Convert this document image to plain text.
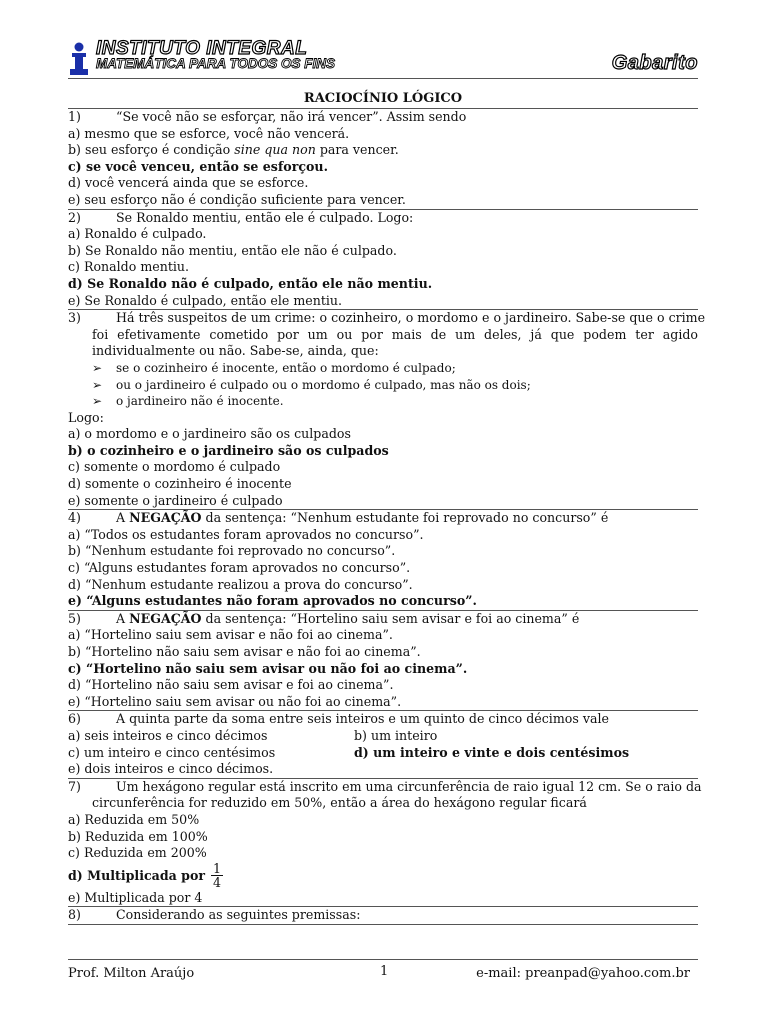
INSTITUTO INTEGRAL
MATEMÁTICA PARA TODOS OS FINS	Gabarito
RACIOCÍNIO LÓGICO
1)	“Se você não se esforçar, não irá vencer”. Assim sendo
a) mesmo que se esforce, você não vencerá.
b) seu esforço é condição sine qua non para vencer.
c) se você venceu, então se esforçou.
d) você vencerá ainda que se esforce.
e) seu esforço não é condição suficiente para vencer.
2)	Se Ronaldo mentiu, então ele é culpado. Logo:
a) Ronaldo é culpado.
b) Se Ronaldo não mentiu, então ele não é culpado.
c) Ronaldo mentiu.
d) Se Ronaldo não é culpado, então ele não mentiu.
e) Se Ronaldo é culpado, então ele mentiu.
3)	Há três suspeitos de um crime: o cozinheiro, o mordomo e o jardineiro. Sabe-se que o crime
foi efetivamente cometido por um ou por mais de um deles, já que podem ter agido individualmente ou não. Sabe-se, ainda, que:
➢	se o cozinheiro é inocente, então o mordomo é culpado;
➢	ou o jardineiro é culpado ou o mordomo é culpado, mas não os dois;
➢	o jardineiro não é inocente.
Logo:
a) o mordomo e o jardineiro são os culpados
b) o cozinheiro e o jardineiro são os culpados
c) somente o mordomo é culpado
d) somente o cozinheiro é inocente
e) somente o jardineiro é culpado
4)	A NEGAÇÃO da sentença: “Nenhum estudante foi reprovado no concurso” é
a) “Todos os estudantes foram aprovados no concurso”.
b) “Nenhum estudante foi reprovado no concurso”.
c) “Alguns estudantes foram aprovados no concurso”.
d) “Nenhum estudante realizou a prova do concurso”.
e) “Alguns estudantes não foram aprovados no concurso”.
5)	A NEGAÇÃO da sentença: “Hortelino saiu sem avisar e foi ao cinema” é
a) “Hortelino saiu sem avisar e não foi ao cinema”.
b) “Hortelino não saiu sem avisar e não foi ao cinema”.
c) “Hortelino não saiu sem avisar ou não foi ao cinema”.
d) “Hortelino não saiu sem avisar e foi ao cinema”.
e) “Hortelino saiu sem avisar ou não foi ao cinema”.
6)	A quinta parte da soma entre seis inteiros e um quinto de cinco décimos vale
a) seis inteiros e cinco décimos	b) um inteiro
c) um inteiro e cinco centésimos	d) um inteiro e vinte e dois centésimos
e) dois inteiros e cinco décimos.
7)	Um hexágono regular está inscrito em uma circunferência de raio igual 12 cm. Se o raio da
circunferência for reduzido em 50%, então a área do hexágono regular ficará
a) Reduzida em 50%
b) Reduzida em 100%
c) Reduzida em 200%
d) Multiplicada por $\frac{1}{4}$
e) Multiplicada por 4
8)	Considerando as seguintes premissas:
Prof. Milton Araújo	1	e-mail: preanpad@yahoo.com.br
